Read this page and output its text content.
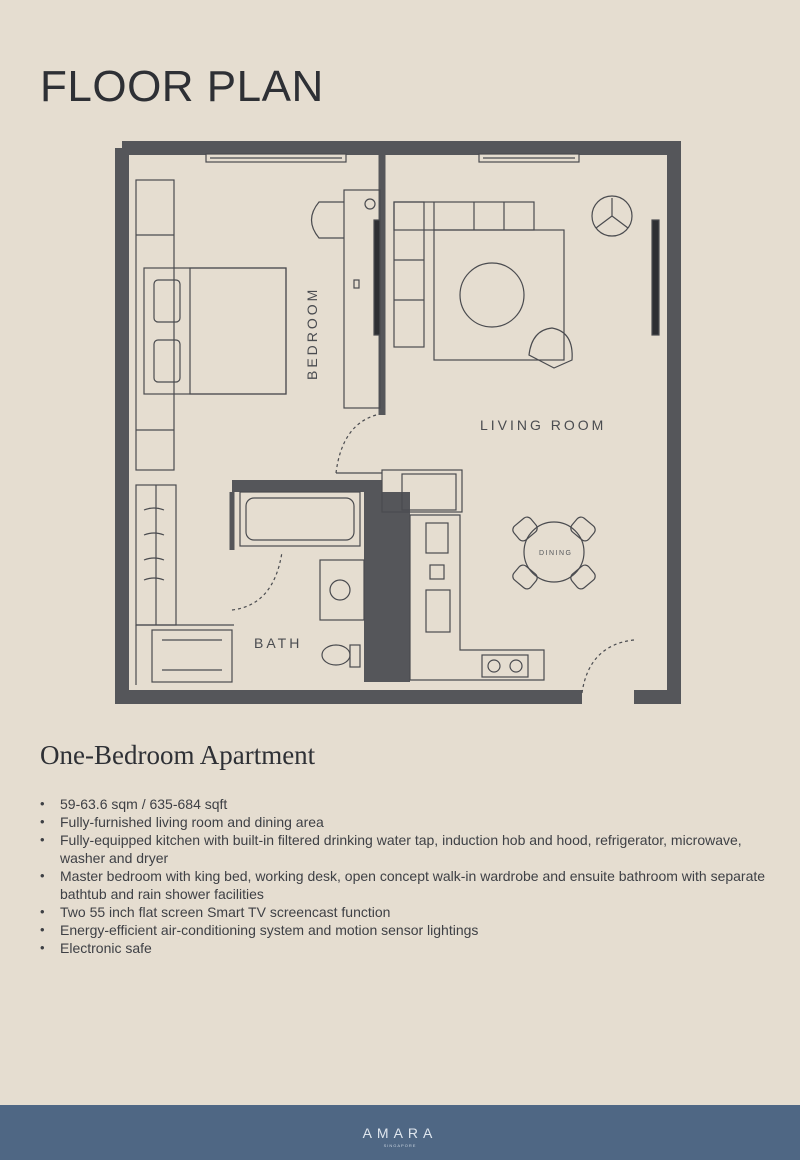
FLOOR PLAN
BEDROOM
LIVING ROOM
BATH
DINING
One-Bedroom Apartment
• 59-63.6 sqm / 635-684 sqft
• Fully-furnished living room and dining area
• Fully-equipped kitchen with built-in filtered drinking water tap, induction hob and hood, refrigerator, microwave, washer and dryer
• Master bedroom with king bed, working desk, open concept walk-in wardrobe and ensuite bathroom with separate bathtub and rain shower facilities
• Two 55 inch flat screen Smart TV screencast function
• Energy-efficient air-conditioning system and motion sensor lightings
• Electronic safe
AMARA
SINGAPORE
